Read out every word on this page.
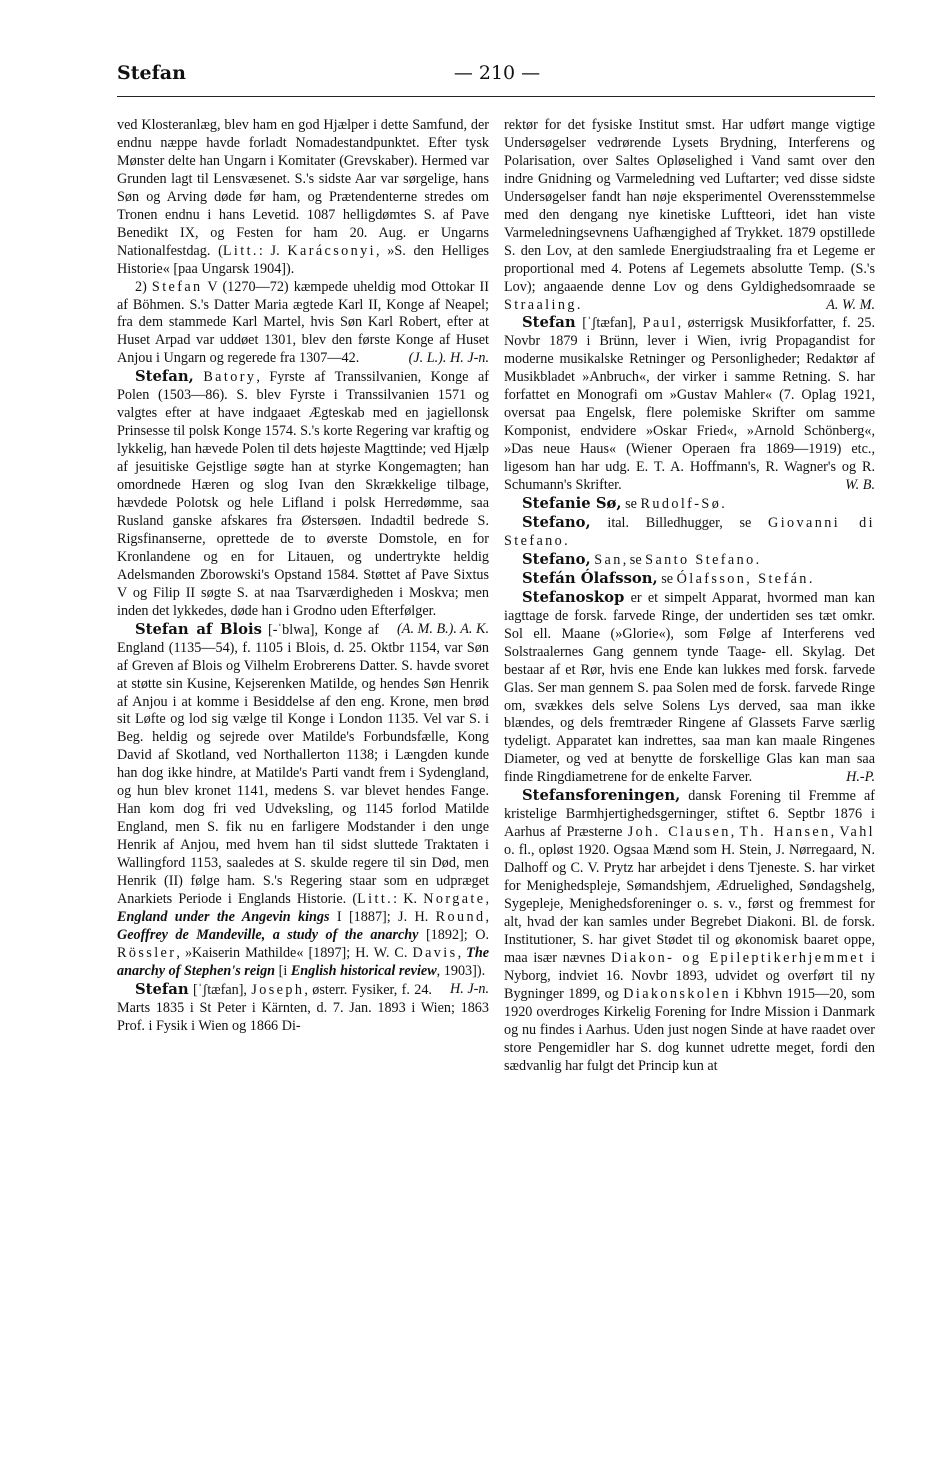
Stefan	— 210 —

ved Klosteranlæg, blev ham en god Hjælper i dette Samfund, der endnu næppe havde forladt Nomadestandpunktet. Efter tysk Mønster delte han Ungarn i Komitater (Grevskaber). Hermed var Grunden lagt til Lensvæsenet. S.'s sidste Aar var sørgelige, hans Søn og Arving døde før ham, og Prætendenterne stredes om Tronen endnu i hans Levetid. 1087 helligdømtes S. af Pave Benedikt IX, og Festen for ham 20. Aug. er Ungarns Nationalfestdag. (Litt.: J. Karácsonyi, »S. den Helliges Historie« [paa Ungarsk 1904]).

2) Stefan V (1270—72) kæmpede uheldig mod Ottokar II af Böhmen. S.'s Datter Maria ægtede Karl II, Konge af Neapel; fra dem stammede Karl Martel, hvis Søn Karl Robert, efter at Huset Arpad var uddøet 1301, blev den første Konge af Huset Anjou i Ungarn og regerede fra 1307—42.	(J. L.). H. J-n.

Stefan, Batory, Fyrste af Transsilvanien, Konge af Polen (1503—86). S. blev Fyrste i Transsilvanien 1571 og valgtes efter at have indgaaet Ægteskab med en jagiellonsk Prinsesse til polsk Konge 1574. S.'s korte Regering var kraftig og lykkelig, han hævede Polen til dets højeste Magttinde; ved Hjælp af jesuitiske Gejstlige søgte han at styrke Kongemagten; han omordnede Hæren og slog Ivan den Skrækkelige tilbage, hævdede Polotsk og hele Lifland i polsk Herredømme, saa Rusland ganske afskares fra Østersøen. Indadtil bedrede S. Rigsfinanserne, oprettede de to øverste Domstole, en for Kronlandene og en for Litauen, og undertrykte heldig Adelsmanden Zborowski's Opstand 1584. Støttet af Pave Sixtus V og Filip II søgte S. at naa Tsarværdigheden i Moskva; men inden det lykkedes, døde han i Grodno uden Efterfølger.
(A. M. B.). A. K.

Stefan af Blois [-ˈblwa], Konge af England (1135—54), f. 1105 i Blois, d. 25. Oktbr 1154, var Søn af Greven af Blois og Vilhelm Erobrerens Datter. S. havde svoret at støtte sin Kusine, Kejserenken Matilde, og hendes Søn Henrik af Anjou i at komme i Besiddelse af den eng. Krone, men brød sit Løfte og lod sig vælge til Konge i London 1135. Vel var S. i Beg. heldig og sejrede over Matilde's Forbundsfælle, Kong David af Skotland, ved Northallerton 1138; i Længden kunde han dog ikke hindre, at Matilde's Parti vandt frem i Sydengland, og hun blev kronet 1141, medens S. var blevet hendes Fange. Han kom dog fri ved Udveksling, og 1145 forlod Matilde England, men S. fik nu en farligere Modstander i den unge Henrik af Anjou, med hvem han til sidst sluttede Traktaten i Wallingford 1153, saaledes at S. skulde regere til sin Død, men Henrik (II) følge ham. S.'s Regering staar som en udpræget Anarkiets Periode i Englands Historie. (Litt.: K. Norgate, England under the Angevin kings I [1887]; J. H. Round, Geoffrey de Mandeville, a study of the anarchy [1892]; O. Rössler, »Kaiserin Mathilde« [1897]; H. W. C. Davis, The anarchy of Stephen's reign [i English historical review, 1903]).
H. J-n.

Stefan [ˈʃtæfan], Joseph, østerr. Fysiker, f. 24. Marts 1835 i St Peter i Kärnten, d. 7. Jan. 1893 i Wien; 1863 Prof. i Fysik i Wien og 1866 Di-

rektør for det fysiske Institut smst. Har udført mange vigtige Undersøgelser vedrørende Lysets Brydning, Interferens og Polarisation, over Saltes Opløselighed i Vand samt over den indre Gnidning og Varmeledning ved Luftarter; ved disse sidste Undersøgelser fandt han nøje eksperimentel Overensstemmelse med den dengang nye kinetiske Luftteori, idet han viste Varmeledningsevnens Uafhængighed af Trykket. 1879 opstillede S. den Lov, at den samlede Energiudstraaling fra et Legeme er proportional med 4. Potens af Legemets absolutte Temp. (S.'s Lov); angaaende denne Lov og dens Gyldighedsomraade se Straaling.	A. W. M.

Stefan [ˈʃtæfan], Paul, østerrigsk Musikforfatter, f. 25. Novbr 1879 i Brünn, lever i Wien, ivrig Propagandist for moderne musikalske Retninger og Personligheder; Redaktør af Musikbladet »Anbruch«, der virker i samme Retning. S. har forfattet en Monografi om »Gustav Mahler« (7. Oplag 1921, oversat paa Engelsk, flere polemiske Skrifter om samme Komponist, endvidere »Oskar Fried«, »Arnold Schönberg«, »Das neue Haus« (Wiener Operaen fra 1869—1919) etc., ligesom han har udg. E. T. A. Hoffmann's, R. Wagner's og R. Schumann's Skrifter.	W. B.

Stefanie Sø, se Rudolf-Sø.

Stefano, ital. Billedhugger, se Giovanni di Stefano.

Stefano, San, se Santo Stefano.

Stefán Ólafsson, se Ólafsson, Stefán.

Stefanoskop er et simpelt Apparat, hvormed man kan iagttage de forsk. farvede Ringe, der undertiden ses tæt omkr. Sol ell. Maane (»Glorie«), som Følge af Interferens ved Solstraalernes Gang gennem tynde Taage- ell. Skylag. Det bestaar af et Rør, hvis ene Ende kan lukkes med forsk. farvede Glas. Ser man gennem S. paa Solen med de forsk. farvede Ringe om, svækkes dels selve Solens Lys derved, saa man ikke blændes, og dels fremtræder Ringene af Glassets Farve særlig tydeligt. Apparatet kan indrettes, saa man kan maale Ringenes Diameter, og ved at benytte de forskellige Glas kan man saa finde Ringdiametrene for de enkelte Farver.	H.-P.

Stefansforeningen, dansk Forening til Fremme af kristelige Barmhjertighedsgerninger, stiftet 6. Septbr 1876 i Aarhus af Præsterne Joh. Clausen, Th. Hansen, Vahl o. fl., opløst 1920. Ogsaa Mænd som H. Stein, J. Nørregaard, N. Dalhoff og C. V. Prytz har arbejdet i dens Tjeneste. S. har virket for Menighedspleje, Sømandshjem, Ædruelighed, Søndagshelg, Sygepleje, Menighedsforeninger o. s. v., først og fremmest for alt, hvad der kan samles under Begrebet Diakoni. Bl. de forsk. Institutioner, S. har givet Stødet til og økonomisk baaret oppe, maa især nævnes Diakon- og Epileptikerhjemmet i Nyborg, indviet 16. Novbr 1893, udvidet og overført til ny Bygninger 1899, og Diakonskolen i Kbhvn 1915—20, som 1920 overdroges Kirkelig Forening for Indre Mission i Danmark og nu findes i Aarhus. Uden just nogen Sinde at have raadet over store Pengemidler har S. dog kunnet udrette meget, fordi den sædvanlig har fulgt det Princip kun at
